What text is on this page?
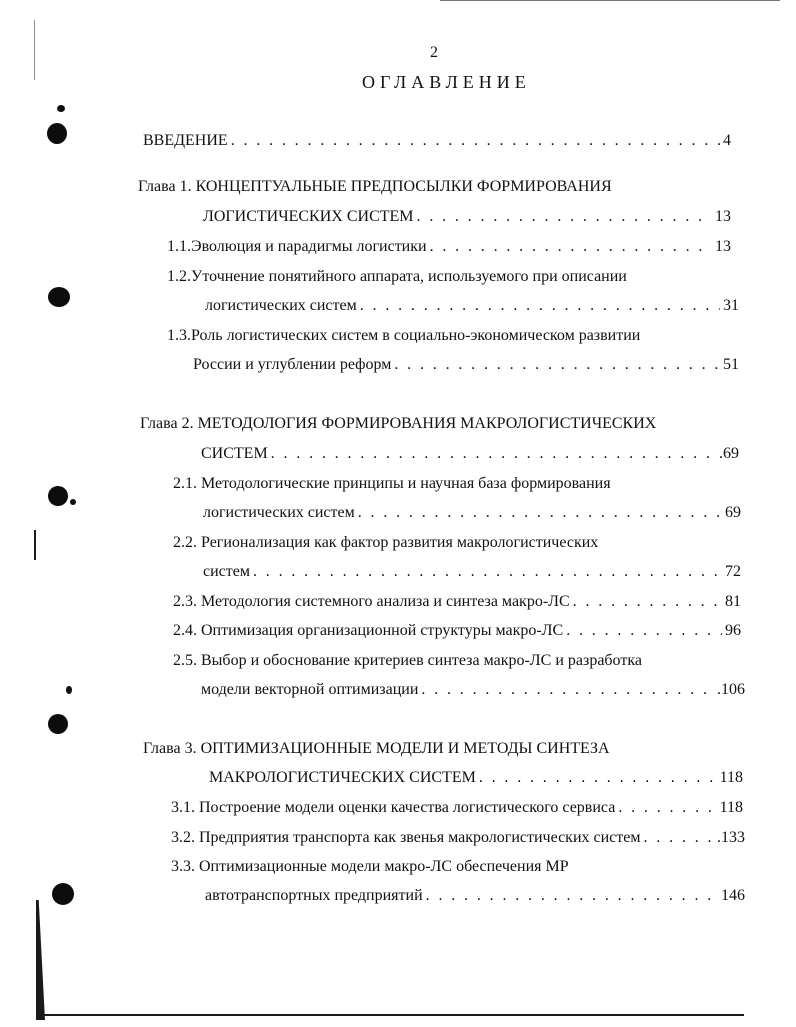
2
ОГЛАВЛЕНИЕ
ВВЕДЕНИЕ . . .	4
Глава 1. КОНЦЕПТУАЛЬНЫЕ ПРЕДПОСЫЛКИ ФОРМИРОВАНИЯ
ЛОГИСТИЧЕСКИХ СИСТЕМ . . .	13
1.1.Эволюция и парадигмы логистики . . .	13
1.2.Уточнение понятийного аппарата, используемого при описании
логистических систем . . .	31
1.3.Роль логистических систем в социально-экономическом развитии
России и углублении реформ . . .	51
Глава 2. МЕТОДОЛОГИЯ ФОРМИРОВАНИЯ МАКРОЛОГИСТИЧЕСКИХ
СИСТЕМ . . .	.69
2.1. Методологические принципы и научная база формирования
логистических систем . . .	69
2.2. Регионализация как фактор развития макрологистических
систем . . .	72
2.3. Методология системного анализа и синтеза макро-ЛС . . .	81
2.4. Оптимизация организационной структуры макро-ЛС . . .	96
2.5. Выбор и обоснование критериев синтеза макро-ЛС и разработка
модели векторной оптимизации . . .	.106
Глава 3. ОПТИМИЗАЦИОННЫЕ МОДЕЛИ И МЕТОДЫ СИНТЕЗА
МАКРОЛОГИСТИЧЕСКИХ СИСТЕМ . . .	118
3.1. Построение модели оценки качества логистического сервиса . . .	118
3.2. Предприятия транспорта как звенья макрологистических систем . . .	.133
3.3. Оптимизационные модели макро-ЛС обеспечения МР
автотранспортных предприятий . . .	146
